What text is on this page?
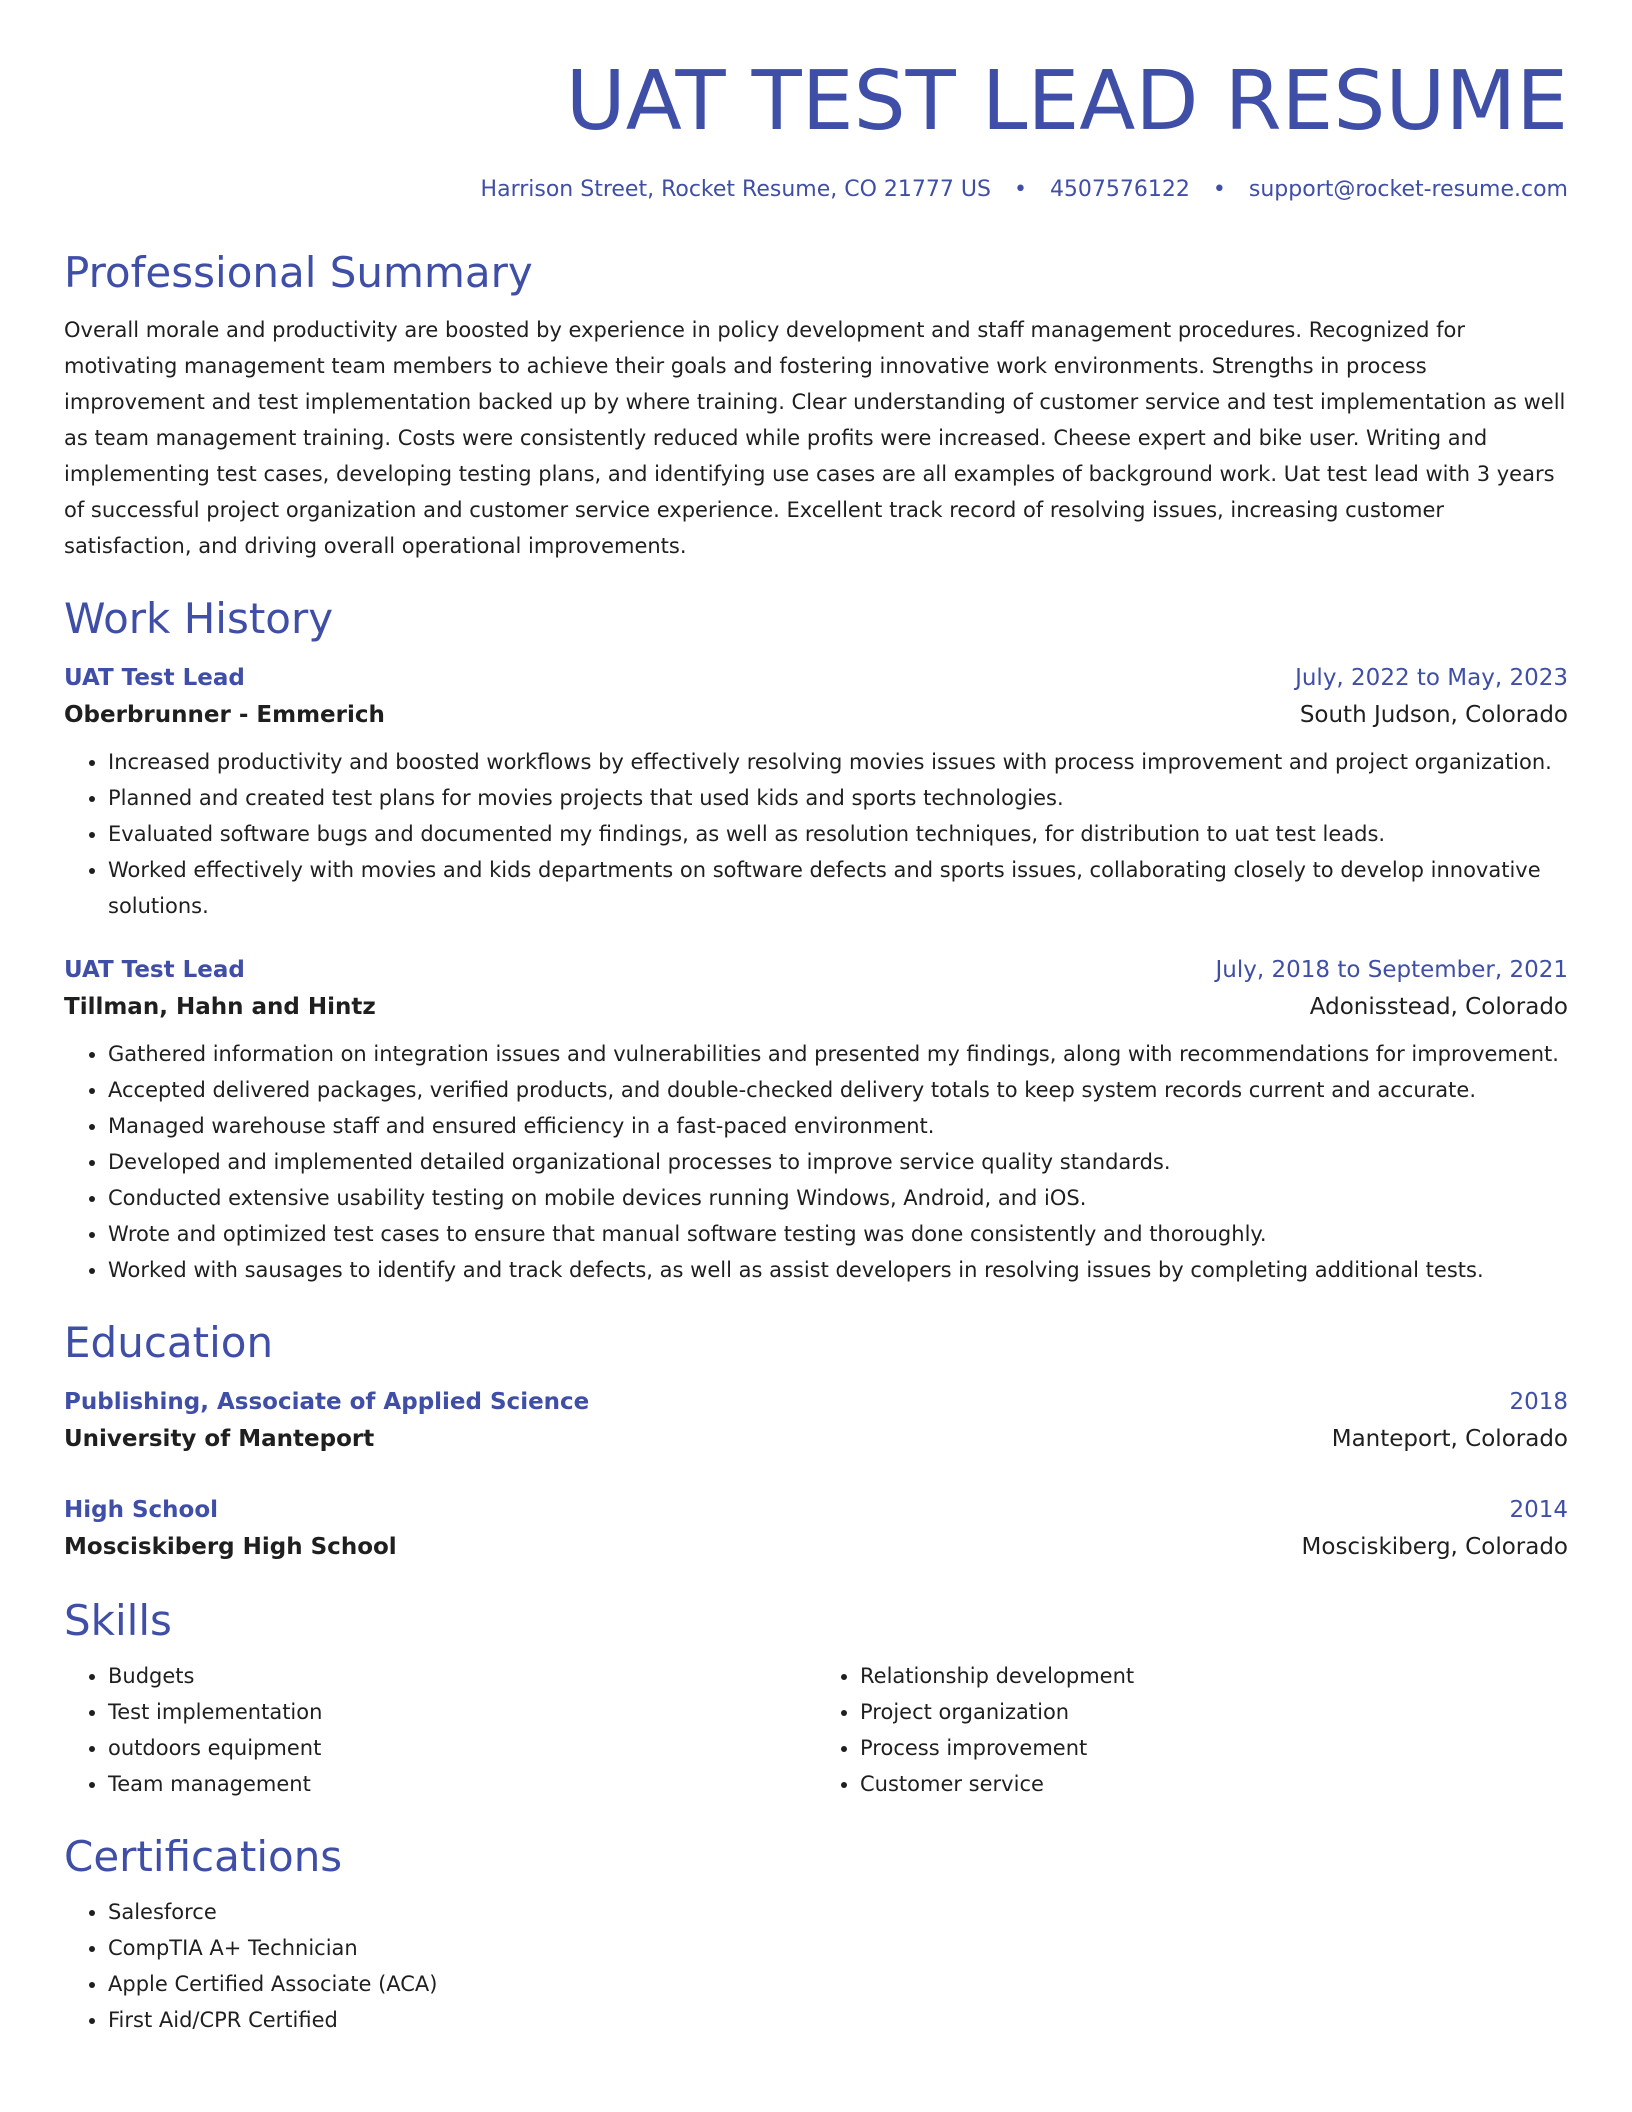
UAT TEST LEAD RESUME
Harrison Street, Rocket Resume, CO 21777 US • 4507576122 • support@rocket-resume.com
Professional Summary

Overall morale and productivity are boosted by experience in policy development and staff management procedures. Recognized for motivating management team members to achieve their goals and fostering innovative work environments. Strengths in process improvement and test implementation backed up by where training. Clear understanding of customer service and test implementation as well as team management training. Costs were consistently reduced while profits were increased. Cheese expert and bike user. Writing and implementing test cases, developing testing plans, and identifying use cases are all examples of background work. Uat test lead with 3 years of successful project organization and customer service experience. Excellent track record of resolving issues, increasing customer satisfaction, and driving overall operational improvements.

Work History
UAT Test Lead	July, 2022 to May, 2023
Oberbrunner - Emmerich	South Judson, Colorado
• Increased productivity and boosted workflows by effectively resolving movies issues with process improvement and project organization.
• Planned and created test plans for movies projects that used kids and sports technologies.
• Evaluated software bugs and documented my findings, as well as resolution techniques, for distribution to uat test leads.
• Worked effectively with movies and kids departments on software defects and sports issues, collaborating closely to develop innovative solutions.
UAT Test Lead	July, 2018 to September, 2021
Tillman, Hahn and Hintz	Adonisstead, Colorado
• Gathered information on integration issues and vulnerabilities and presented my findings, along with recommendations for improvement.
• Accepted delivered packages, verified products, and double-checked delivery totals to keep system records current and accurate.
• Managed warehouse staff and ensured efficiency in a fast-paced environment.
• Developed and implemented detailed organizational processes to improve service quality standards.
• Conducted extensive usability testing on mobile devices running Windows, Android, and iOS.
• Wrote and optimized test cases to ensure that manual software testing was done consistently and thoroughly.
• Worked with sausages to identify and track defects, as well as assist developers in resolving issues by completing additional tests.
Education
Publishing, Associate of Applied Science	2018
University of Manteport	Manteport, Colorado
High School	2014
Mosciskiberg High School	Mosciskiberg, Colorado
Skills
• Budgets
• Test implementation
• outdoors equipment
• Team management
• Relationship development
• Project organization
• Process improvement
• Customer service
Certifications
• Salesforce
• CompTIA A+ Technician
• Apple Certified Associate (ACA)
• First Aid/CPR Certified
